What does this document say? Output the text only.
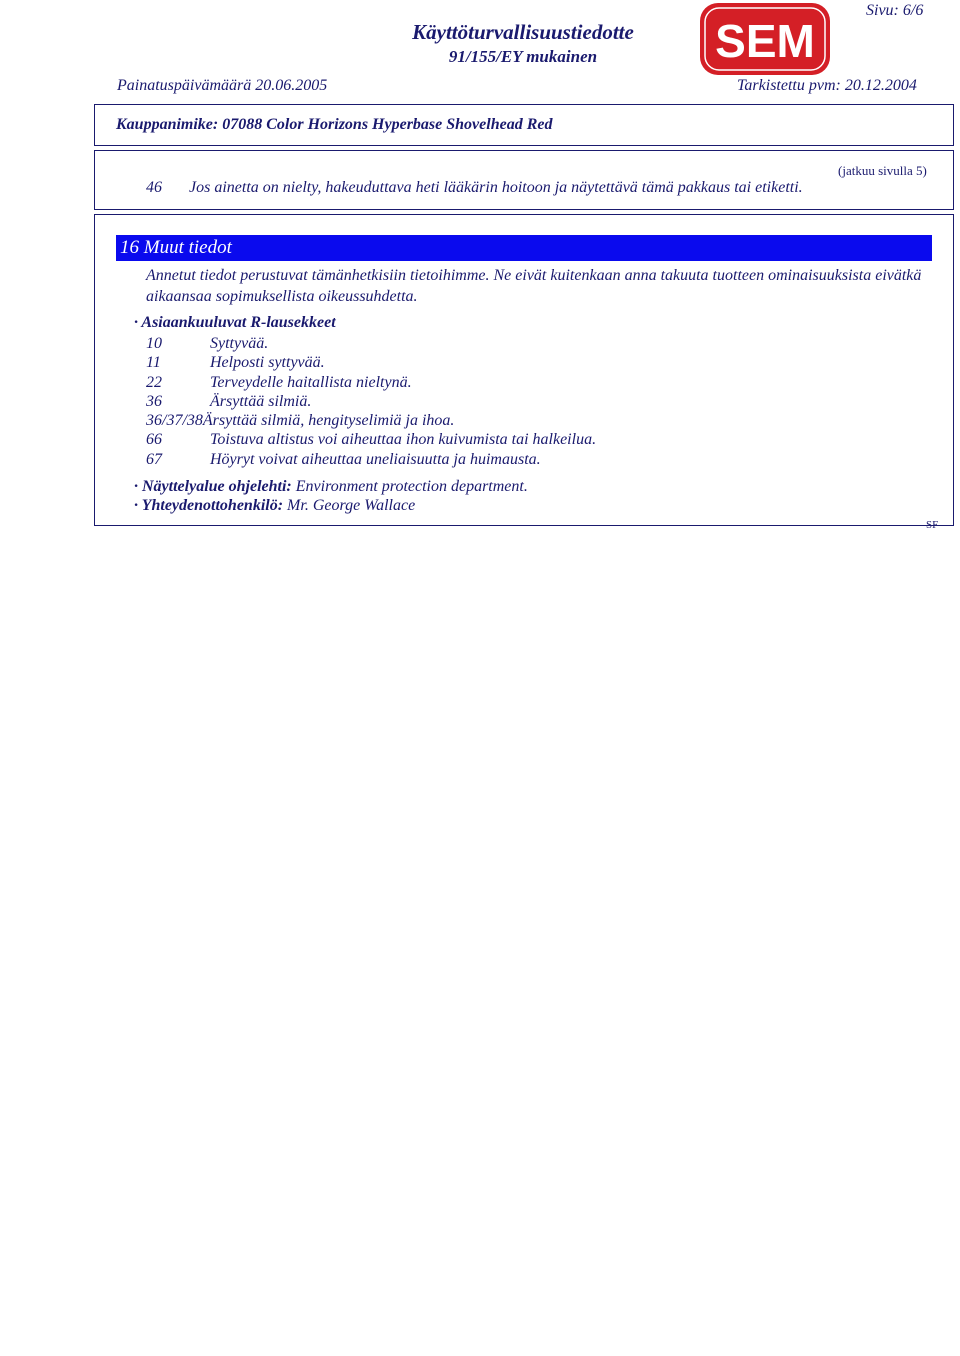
Sivu: 6/6
Käyttöturvallisuustiedotte
91/155/EY mukainen	SEM
Painatuspäivämäärä 20.06.2005	Tarkistettu pvm: 20.12.2004
Kauppanimike: 07088 Color Horizons Hyperbase Shovelhead Red
(jatkuu sivulla 5)
46 Jos ainetta on nielty, hakeuduttava heti lääkärin hoitoon ja näytettävä tämä pakkaus tai etiketti.
16 Muut tiedot
Annetut tiedot perustuvat tämänhetkisiin tietoihimme. Ne eivät kuitenkaan anna takuuta tuotteen ominaisuuksista eivätkä aikaansaa sopimuksellista oikeussuhdetta.
· Asiaankuuluvat R-lausekkeet
10	Syttyvää.
11	Helposti syttyvää.
22	Terveydelle haitallista nieltynä.
36	Ärsyttää silmiä.
36/37/38Ärsyttää silmiä, hengityselimiä ja ihoa.
66	Toistuva altistus voi aiheuttaa ihon kuivumista tai halkeilua.
67	Höyryt voivat aiheuttaa uneliaisuutta ja huimausta.
· Näyttelyalue ohjelehti: Environment protection department.
· Yhteydenottohenkilö: Mr. George Wallace
SF
